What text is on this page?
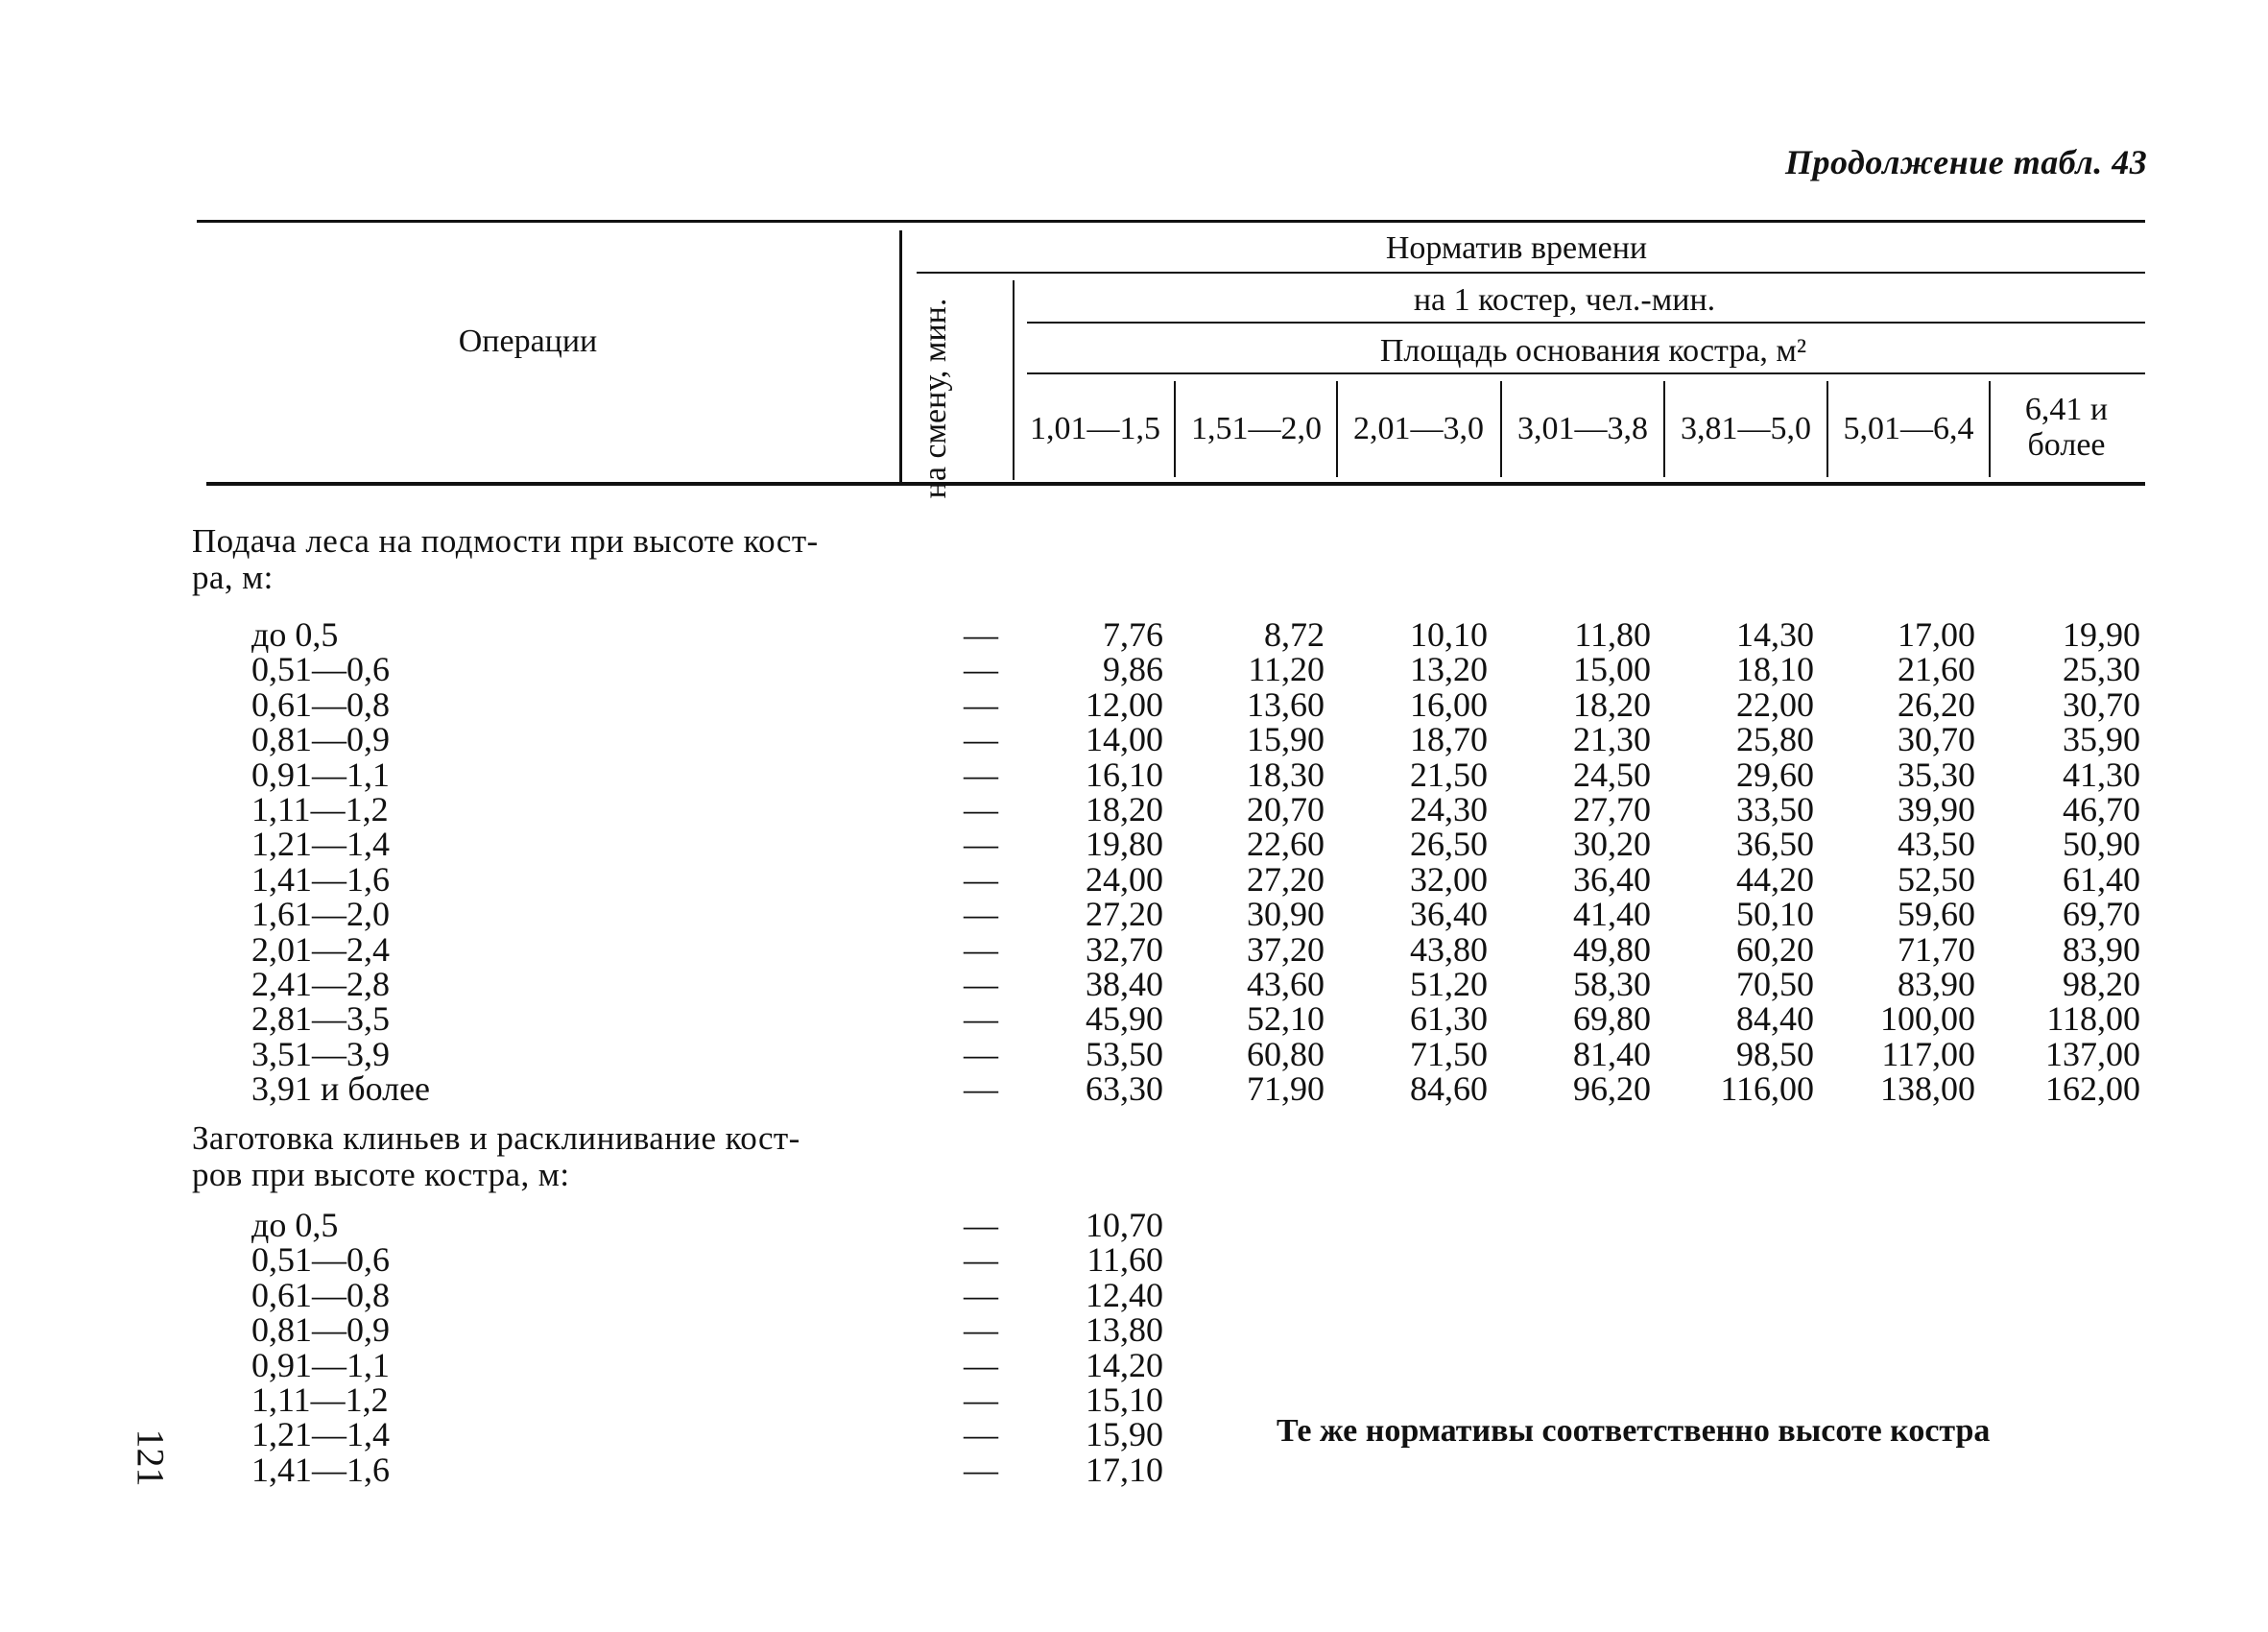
Продолжение табл. 43
Операции
Норматив времени
на 1 костер, чел.-мин.
Площадь основания костра, м²
на смену, мин.	1,01—1,5 1,51—2,0 2,01—3,0	3,01—3,8	3,81—5,0 5,01—6,4
6,41 и
более
Подача леса на подмости при высоте кост-
ра, м:
до 0,5	—	7,76	8,72	10,10	11,80	14,30	17,00	19,90
0,51—0,6	—	9,86	11,20	13,20	15,00	18,10	21,60	25,30
0,61—0,8	—	12,00	13,60	16,00	18,20	22,00	26,20	30,70
0,81—0,9	—	14,00	15,90	18,70	21,30	25,80	30,70	35,90
0,91—1,1	—	16,10	18,30	21,50	24,50	29,60	35,30	41,30
1,11—1,2	—	18,20	20,70	24,30	27,70	33,50	39,90	46,70
1,21—1,4	—	19,80	22,60	26,50	30,20	36,50	43,50	50,90
1,41—1,6	—	24,00	27,20	32,00	36,40	44,20	52,50	61,40
1,61—2,0	—	27,20	30,90	36,40	41,40	50,10	59,60	69,70
2,01—2,4	—	32,70	37,20	43,80	49,80	60,20	71,70	83,90
2,41—2,8	—	38,40	43,60	51,20	58,30	70,50	83,90	98,20
2,81—3,5	—	45,90	52,10	61,30	69,80	84,40	100,00	118,00
3,51—3,9	—	53,50	60,80	71,50	81,40	98,50	117,00	137,00
3,91 и более	—	63,30	71,90	84,60	96,20	116,00	138,00	162,00
Заготовка клиньев и расклинивание кост-
ров при высоте костра, м:
до 0,5	—	10,70
0,51—0,6	—	11,60
0,61—0,8	—	12,40
0,81—0,9	—	13,80
0,91—1,1	—	14,20
1,11—1,2	—	15,10
1,21—1,4	—	15,90
1,41—1,6	—	17,10
Те же нормативы соответственно высоте костра
121
